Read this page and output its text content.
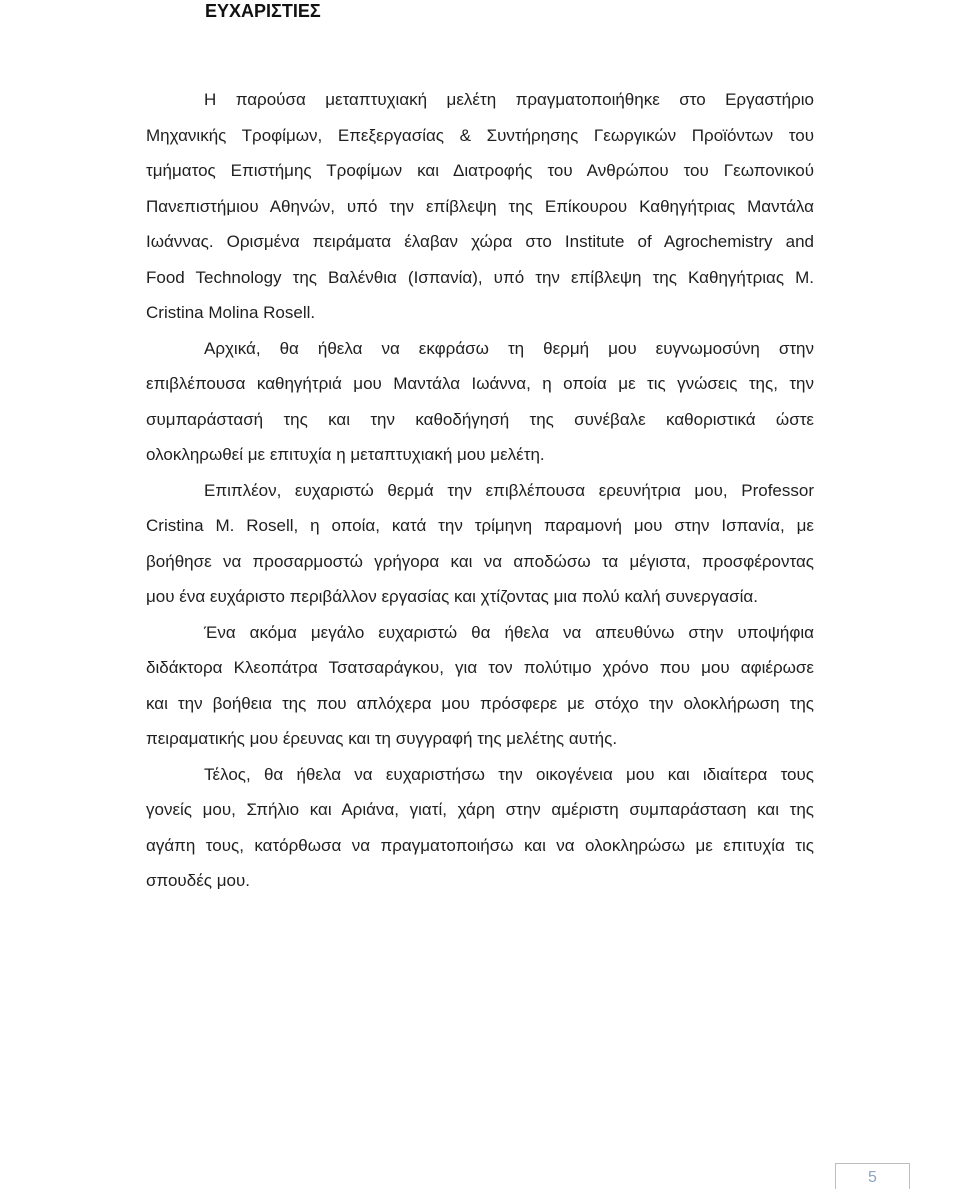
ΕΥΧΑΡΙΣΤΙΕΣ
Η παρούσα μεταπτυχιακή μελέτη πραγματοποιήθηκε στο Εργαστήριο
Μηχανικής Τροφίμων, Επεξεργασίας & Συντήρησης Γεωργικών Προϊόντων του
τμήματος Επιστήμης Τροφίμων και Διατροφής του Ανθρώπου του Γεωπονικού
Πανεπιστήμιου Αθηνών, υπό την επίβλεψη της Επίκουρου Καθηγήτριας Μαντάλα
Ιωάννας. Ορισμένα πειράματα έλαβαν χώρα στο Institute of Agrochemistry and
Food Technology της Βαλένθια (Ισπανία), υπό την επίβλεψη της Καθηγήτριας M.
Cristina Molina Rosell.
Αρχικά, θα ήθελα να εκφράσω τη θερμή μου ευγνωμοσύνη στην
επιβλέπουσα καθηγήτριά μου Μαντάλα Ιωάννα, η οποία με τις γνώσεις της, την
συμπαράστασή της και την καθοδήγησή της συνέβαλε καθοριστικά ώστε
ολοκληρωθεί με επιτυχία η μεταπτυχιακή μου μελέτη.
Επιπλέον, ευχαριστώ θερμά την επιβλέπουσα ερευνήτρια μου, Professor
Cristina M. Rosell, η οποία, κατά την τρίμηνη παραμονή μου στην Ισπανία, με
βοήθησε να προσαρμοστώ γρήγορα και να αποδώσω τα μέγιστα, προσφέροντας
μου ένα ευχάριστο περιβάλλον εργασίας και χτίζοντας μια πολύ καλή συνεργασία.
Ένα ακόμα μεγάλο ευχαριστώ θα ήθελα να απευθύνω στην υποψήφια
διδάκτορα Κλεοπάτρα Τσατσαράγκου, για τον πολύτιμο χρόνο που μου αφιέρωσε
και την βοήθεια της που απλόχερα μου πρόσφερε με στόχο την ολοκλήρωση της
πειραματικής μου έρευνας και τη συγγραφή της μελέτης αυτής.
Τέλος, θα ήθελα να ευχαριστήσω την οικογένεια μου και ιδιαίτερα τους
γονείς μου, Σπήλιο και Αριάνα, γιατί, χάρη στην αμέριστη συμπαράσταση και της
αγάπη τους, κατόρθωσα να πραγματοποιήσω και να ολοκληρώσω με επιτυχία τις
σπουδές μου.
5
